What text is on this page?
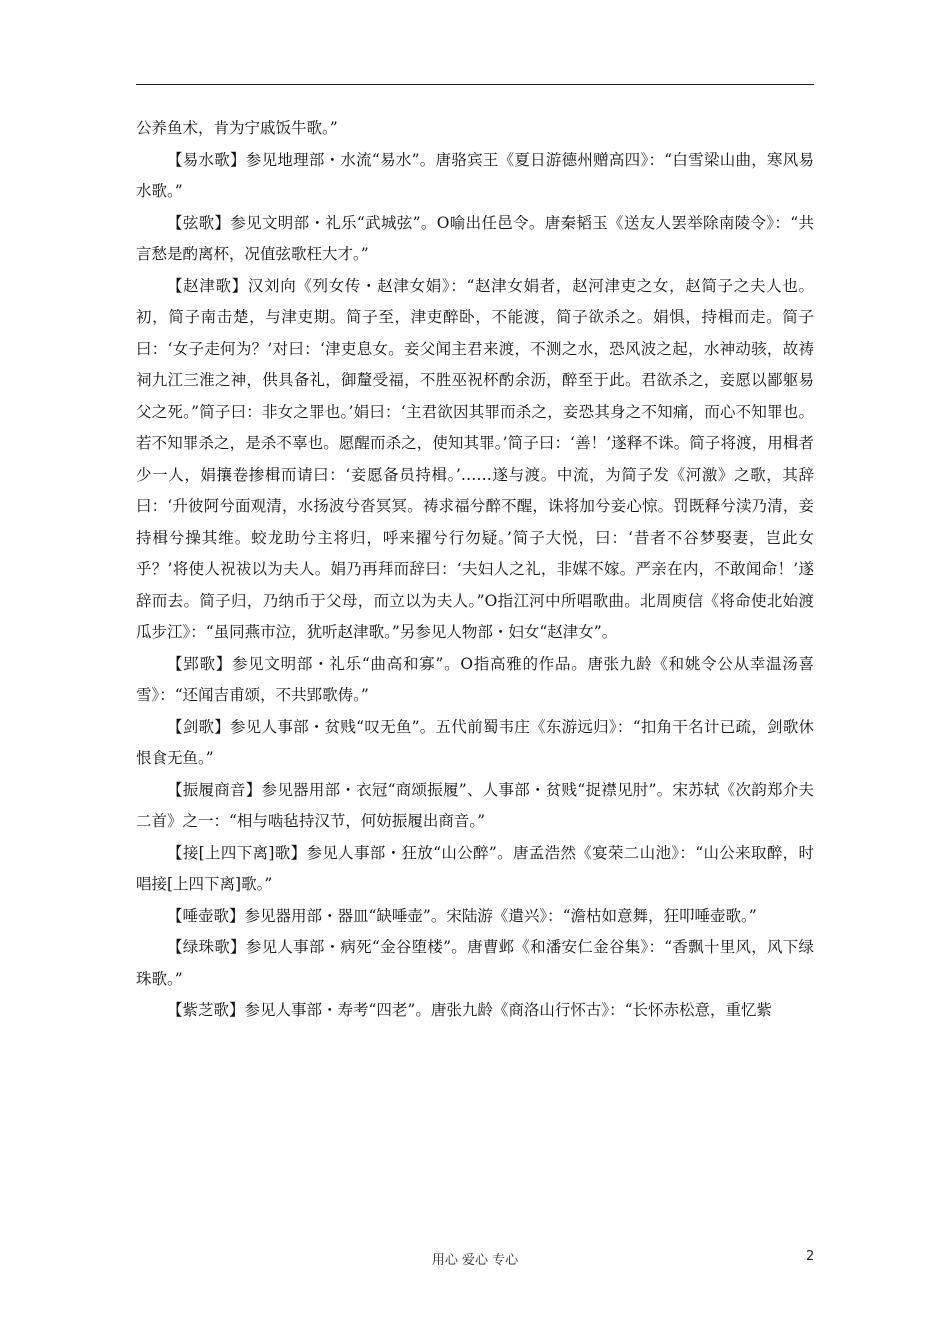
公养鱼术，肯为宁戚饭牛歌。”

【易水歌】参见地理部・水流“易水”。唐骆宾王《夏日游德州赠高四》：“白雪梁山曲，寒风易水歌。”

【弦歌】参见文明部・礼乐“武城弦”。O喻出任邑令。唐秦韬玉《送友人罢举除南陵令》：“共言愁是酌离杯，况值弦歌枉大才。”

【赵津歌】汉刘向《列女传・赵津女娟》：“赵津女娟者，赵河津吏之女，赵简子之夫人也。初，简子南击楚，与津吏期。简子至，津吏醉卧，不能渡，简子欲杀之。娟惧，持楫而走。简子曰：‘女子走何为？’对曰：‘津吏息女。妾父闻主君来渡，不测之水，恐风波之起，水神动骇，故祷祠九江三淮之神，供具备礼，御釐受福，不胜巫祝杯酌余沥，醉至于此。君欲杀之，妾愿以鄙躯易父之死。”简子曰：非女之罪也。’娟曰：‘主君欲因其罪而杀之，妾恐其身之不知痛，而心不知罪也。若不知罪杀之，是杀不辜也。愿醒而杀之，使知其罪。’简子曰：‘善！’遂释不诛。简子将渡，用楫者少一人，娟攘卷掺楫而请曰：‘妾愿备员持楫。’……遂与渡。中流，为简子发《河激》之歌，其辞曰：‘升彼阿兮面观清，水扬波兮沓冥冥。祷求福兮醉不醒，诛将加兮妾心惊。罚既释兮渎乃清，妾持楫兮操其维。蛟龙助兮主将归，呼来擢兮行勿疑。’简子大悦，曰：‘昔者不谷梦娶妻，岂此女乎？’将使人祝祓以为夫人。娟乃再拜而辞曰：‘夫妇人之礼，非媒不嫁。严亲在内，不敢闻命！’遂辞而去。简子归，乃纳币于父母，而立以为夫人。”O指江河中所唱歌曲。北周庾信《将命使北始渡瓜步江》：“虽同燕市泣，犹听赵津歌。”另参见人物部・妇女“赵津女”。

【郢歌】参见文明部・礼乐“曲高和寡”。O指高雅的作品。唐张九龄《和姚令公从幸温汤喜雪》：“还闻吉甫颂，不共郢歌俦。”

【剑歌】参见人事部・贫贱“叹无鱼”。五代前蜀韦庄《东游远归》：“扣角干名计已疏，剑歌休恨食无鱼。”

【振履商音】参见器用部・衣冠“商颂振履”、人事部・贫贱“捉襟见肘”。宋苏轼《次韵郑介夫二首》之一：“相与啮毡持汉节，何妨振履出商音。”

【接[上四下离]歌】参见人事部・狂放“山公醉”。唐孟浩然《宴荣二山池》：“山公来取醉，时唱接[上四下离]歌。”

【唾壶歌】参见器用部・器皿“缺唾壶”。宋陆游《遣兴》：“澹枯如意舞，狂叩唾壶歌。”

【绿珠歌】参见人事部・病死“金谷堕楼”。唐曹邺《和潘安仁金谷集》：“香飘十里风，风下绿珠歌。”

【紫芝歌】参见人事部・寿考“四老”。唐张九龄《商洛山行怀古》：“长怀赤松意，重忆紫

用心 爱心 专心	2
